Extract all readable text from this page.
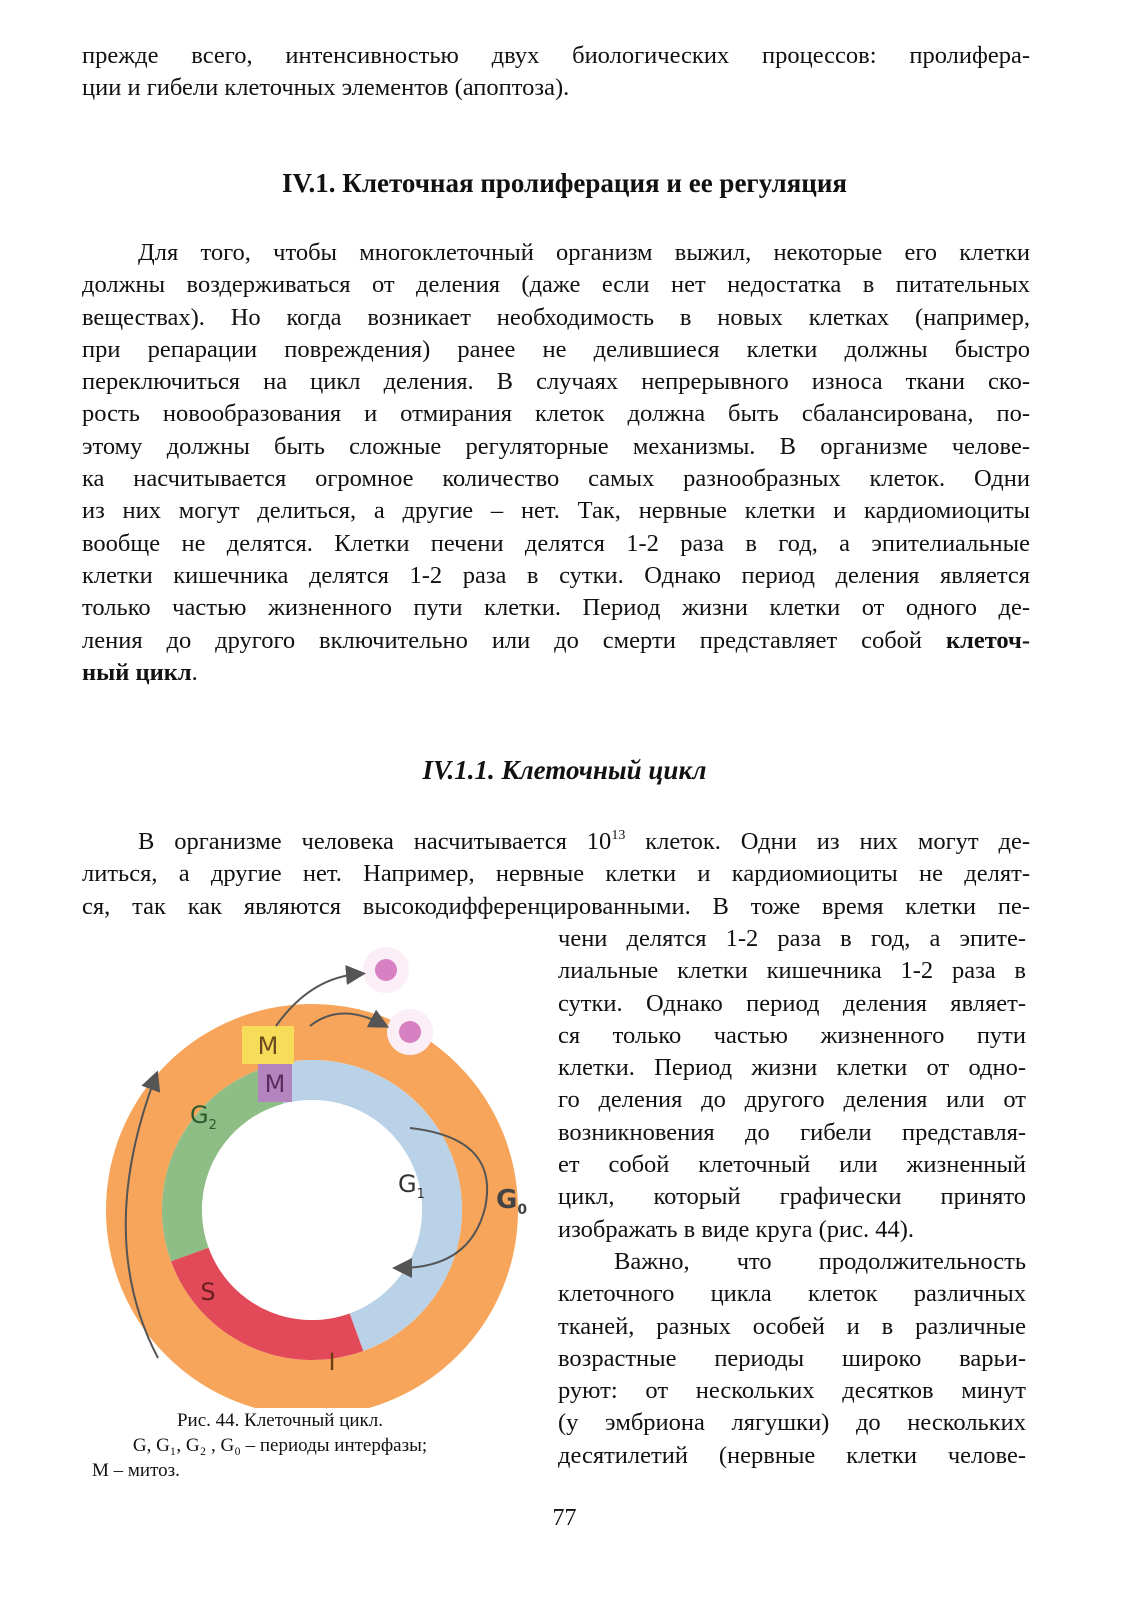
прежде всего, интенсивностью двух биологических процессов: пролифера-
ции и гибели клеточных элементов (апоптоза).
IV.1. Клеточная пролиферация и ее регуляция
Для того, чтобы многоклеточный организм выжил, некоторые его клетки
должны воздерживаться от деления (даже если нет недостатка в питательных
веществах). Но когда возникает необходимость в новых клетках (например,
при репарации повреждения) ранее не делившиеся клетки должны быстро
переключиться на цикл деления. В случаях непрерывного износа ткани ско-
рость новообразования и отмирания клеток должна быть сбалансирована, по-
этому должны быть сложные регуляторные механизмы. В организме челове-
ка насчитывается огромное количество самых разнообразных клеток. Одни
из них могут делиться, а другие – нет. Так, нервные клетки и кардиомиоциты
вообще не делятся. Клетки печени делятся 1-2 раза в год, а эпителиальные
клетки кишечника делятся 1-2 раза в сутки. Однако период деления является
только частью жизненного пути клетки. Период жизни клетки от одного де-
ления до другого включительно или до смерти представляет собой клеточ-
ный цикл.
IV.1.1. Клеточный цикл
В организме человека насчитывается $10^{13}$ клеток. Одни из них могут де-
литься, а другие нет. Например, нервные клетки и кардиомиоциты не делят-
ся, так как являются высокодифференцированными. В тоже время клетки пе-
чени делятся 1-2 раза в год, а эпите-
лиальные клетки кишечника 1-2 раза в
сутки. Однако период деления являет-
ся только частью жизненного пути
клетки. Период жизни клетки от одно-
го деления до другого деления или от
возникновения до гибели представля-
ет собой клеточный или жизненный
цикл, который графически принято
изображать в виде круга (рис. 44).
Важно, что продолжительность
клеточного цикла клеток различных
тканей, разных особей и в различные
возрастные периоды широко варьи-
руют: от нескольких десятков минут
(у эмбриона лягушки) до нескольких
десятилетий (нервные клетки челове-
M
M
$G_2$
$G_1$	$G_0$
S
I
Рис. 44. Клеточный цикл.
G, G₁, G₂ , G₀ – периоды интерфазы;
М – митоз.
77
